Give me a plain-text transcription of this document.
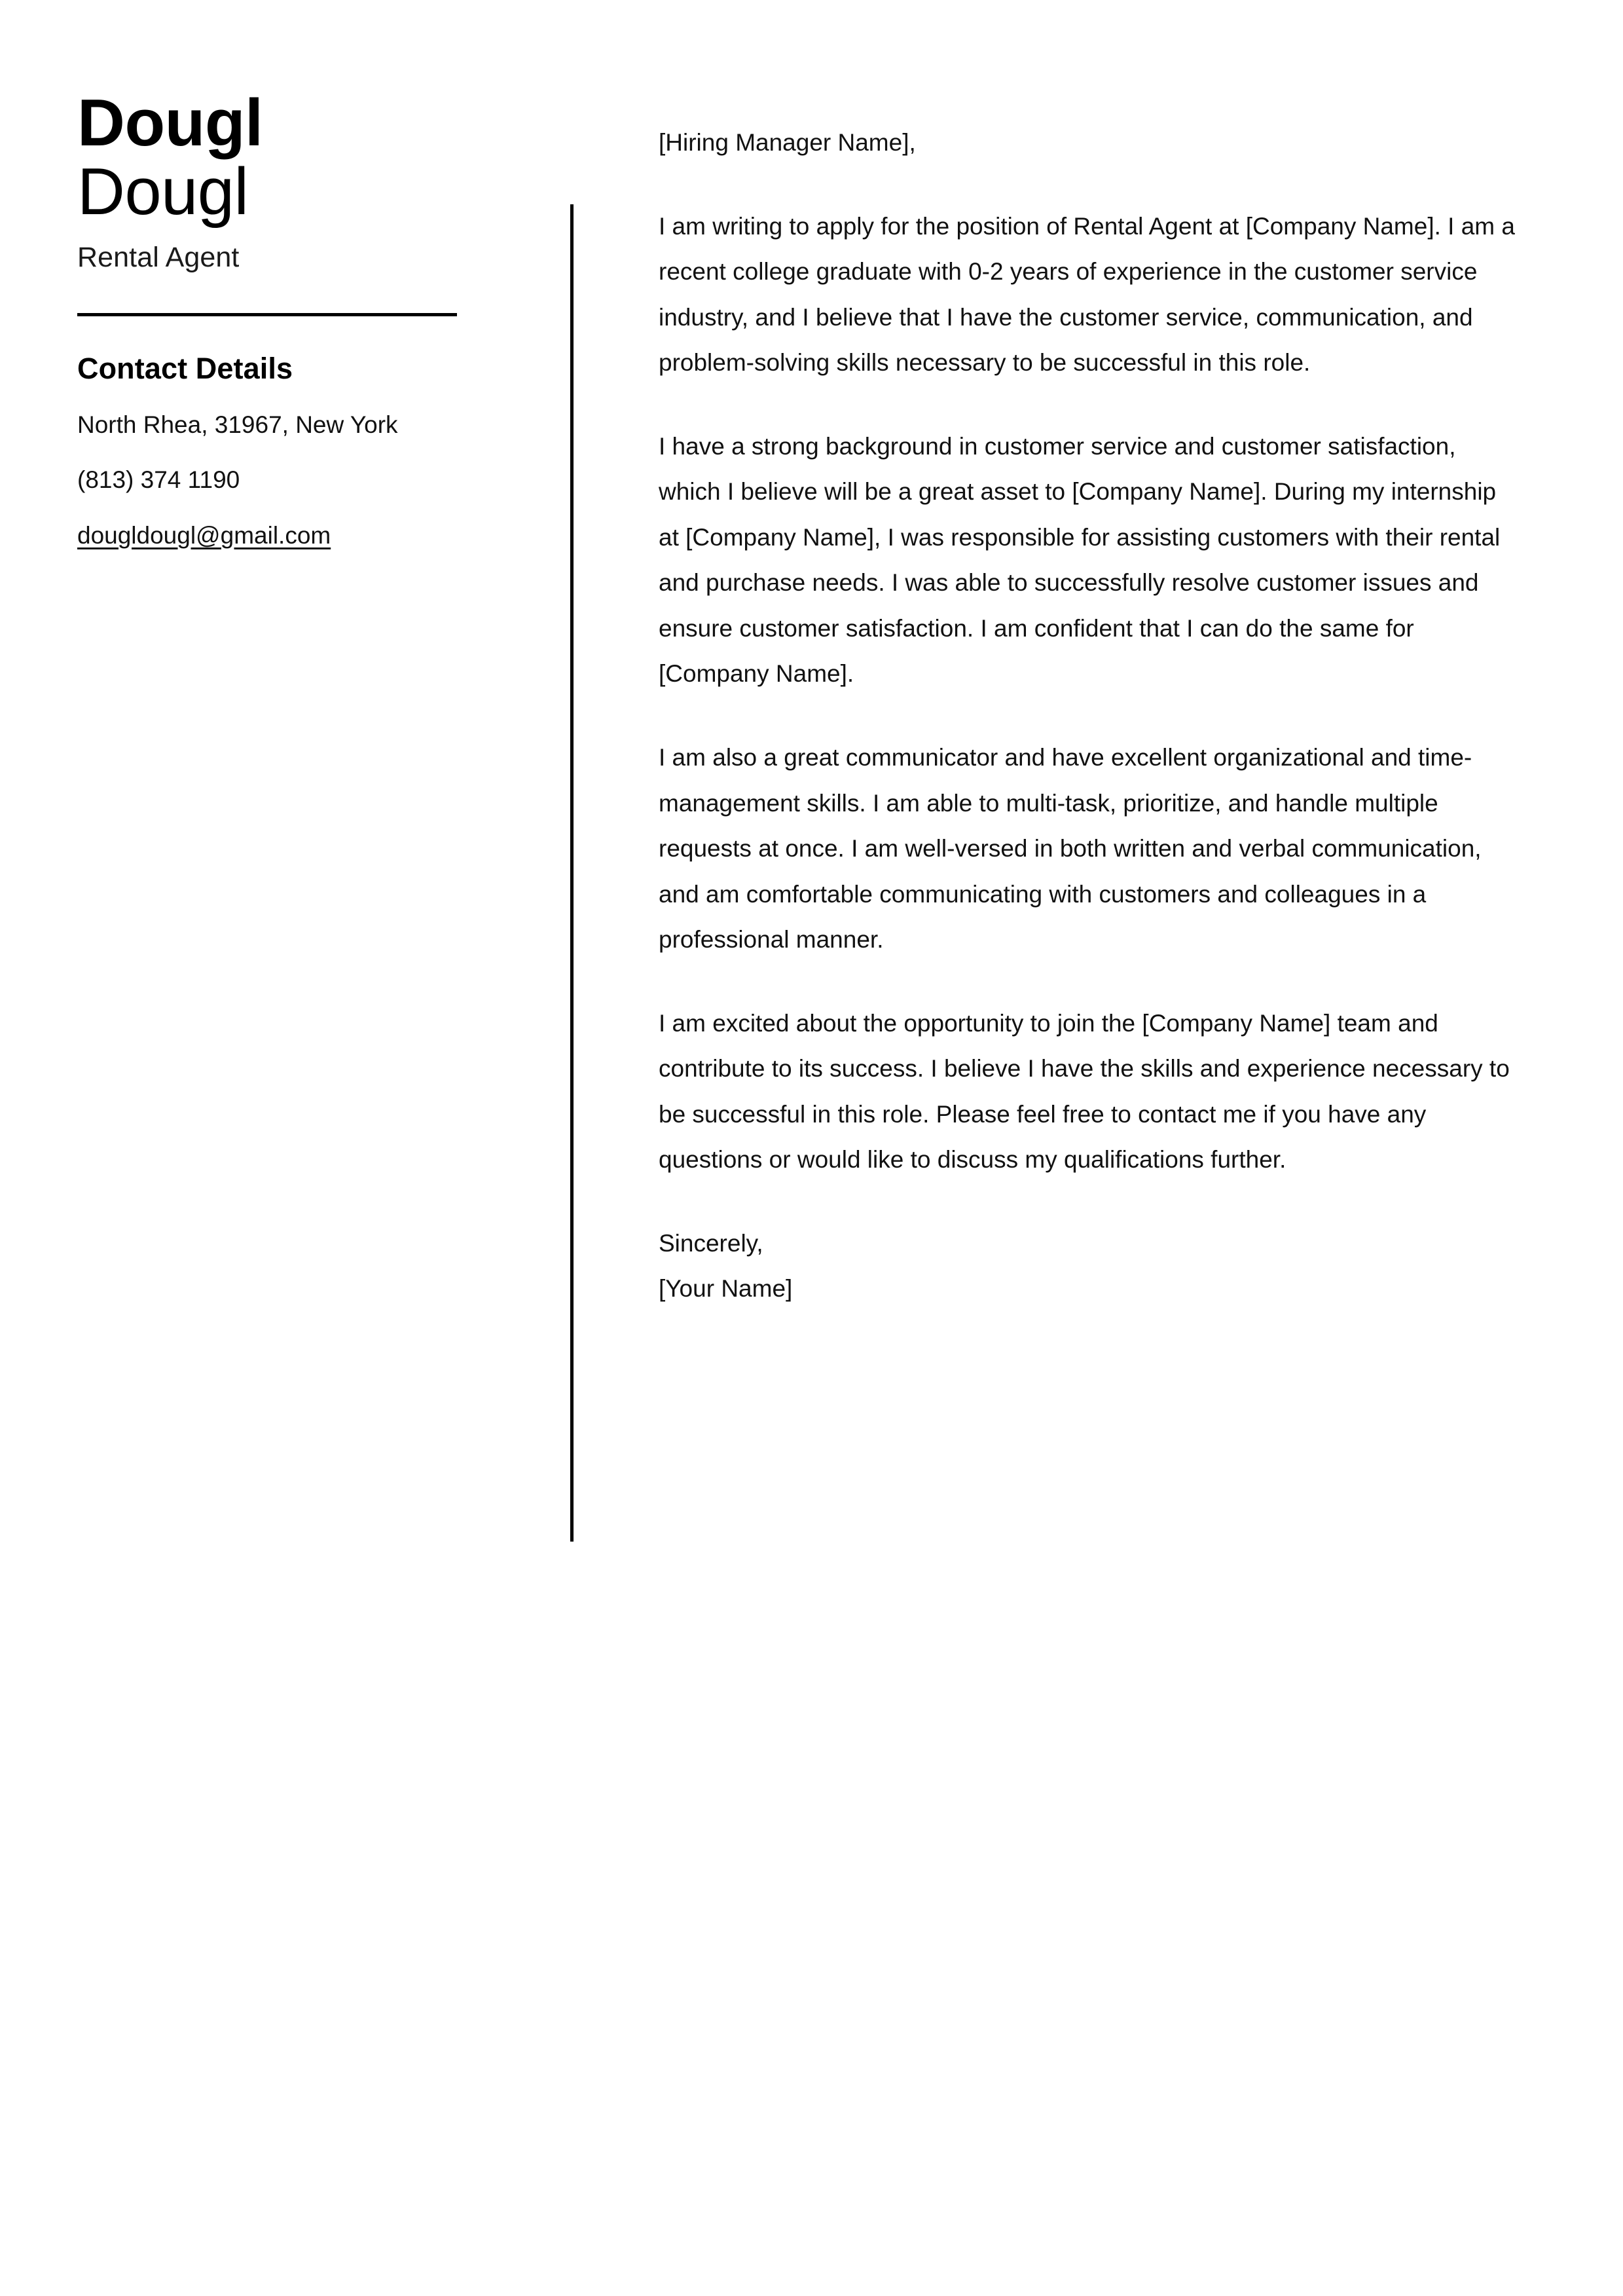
Dougl
Dougl
Rental Agent
Contact Details
North Rhea, 31967, New York
(813) 374 1190
dougldougl@gmail.com

[Hiring Manager Name],

I am writing to apply for the position of Rental Agent at [Company Name]. I am a recent college graduate with 0-2 years of experience in the customer service industry, and I believe that I have the customer service, communication, and problem-solving skills necessary to be successful in this role.

I have a strong background in customer service and customer satisfaction, which I believe will be a great asset to [Company Name]. During my internship at [Company Name], I was responsible for assisting customers with their rental and purchase needs. I was able to successfully resolve customer issues and ensure customer satisfaction. I am confident that I can do the same for [Company Name].

I am also a great communicator and have excellent organizational and time-management skills. I am able to multi-task, prioritize, and handle multiple requests at once. I am well-versed in both written and verbal communication, and am comfortable communicating with customers and colleagues in a professional manner.

I am excited about the opportunity to join the [Company Name] team and contribute to its success. I believe I have the skills and experience necessary to be successful in this role. Please feel free to contact me if you have any questions or would like to discuss my qualifications further.

Sincerely,

[Your Name]
